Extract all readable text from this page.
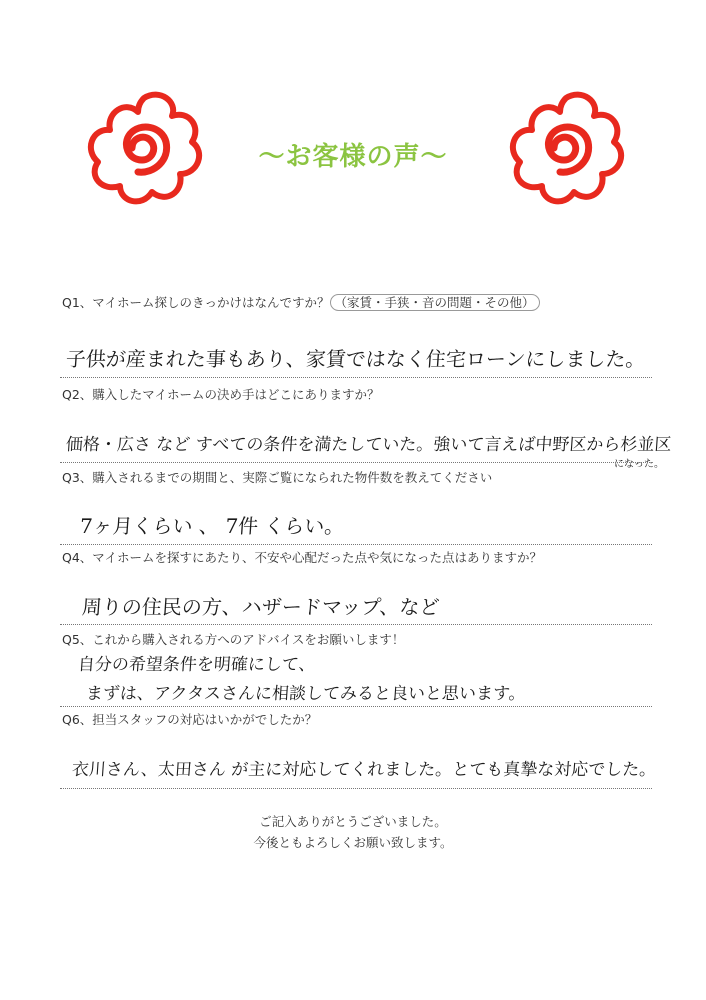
～お客様の声～
Q1、マイホーム探しのきっかけはなんですか？ （家賃・手狭・音の問題・その他）
子供が産まれた事もあり、家賃ではなく住宅ローンにしました。
Q2、購入したマイホームの決め手はどこにありますか？
価格・広さ など すべての条件を満たしていた。強いて言えば中野区から杉並区
になった。
Q3、購入されるまでの期間と、実際ご覧になられた物件数を教えてください
7ヶ月くらい 、 7件 くらい。
Q4、マイホームを探すにあたり、不安や心配だった点や気になった点はありますか？
周りの住民の方、ハザードマップ、など
Q5、これから購入される方へのアドバイスをお願いします！
自分の希望条件を明確にして、
まずは、アクタスさんに相談してみると良いと思います。
Q6、担当スタッフの対応はいかがでしたか？
衣川さん、太田さん が主に対応してくれました。とても真摯な対応でした。
ご記入ありがとうございました。
今後ともよろしくお願い致します。
